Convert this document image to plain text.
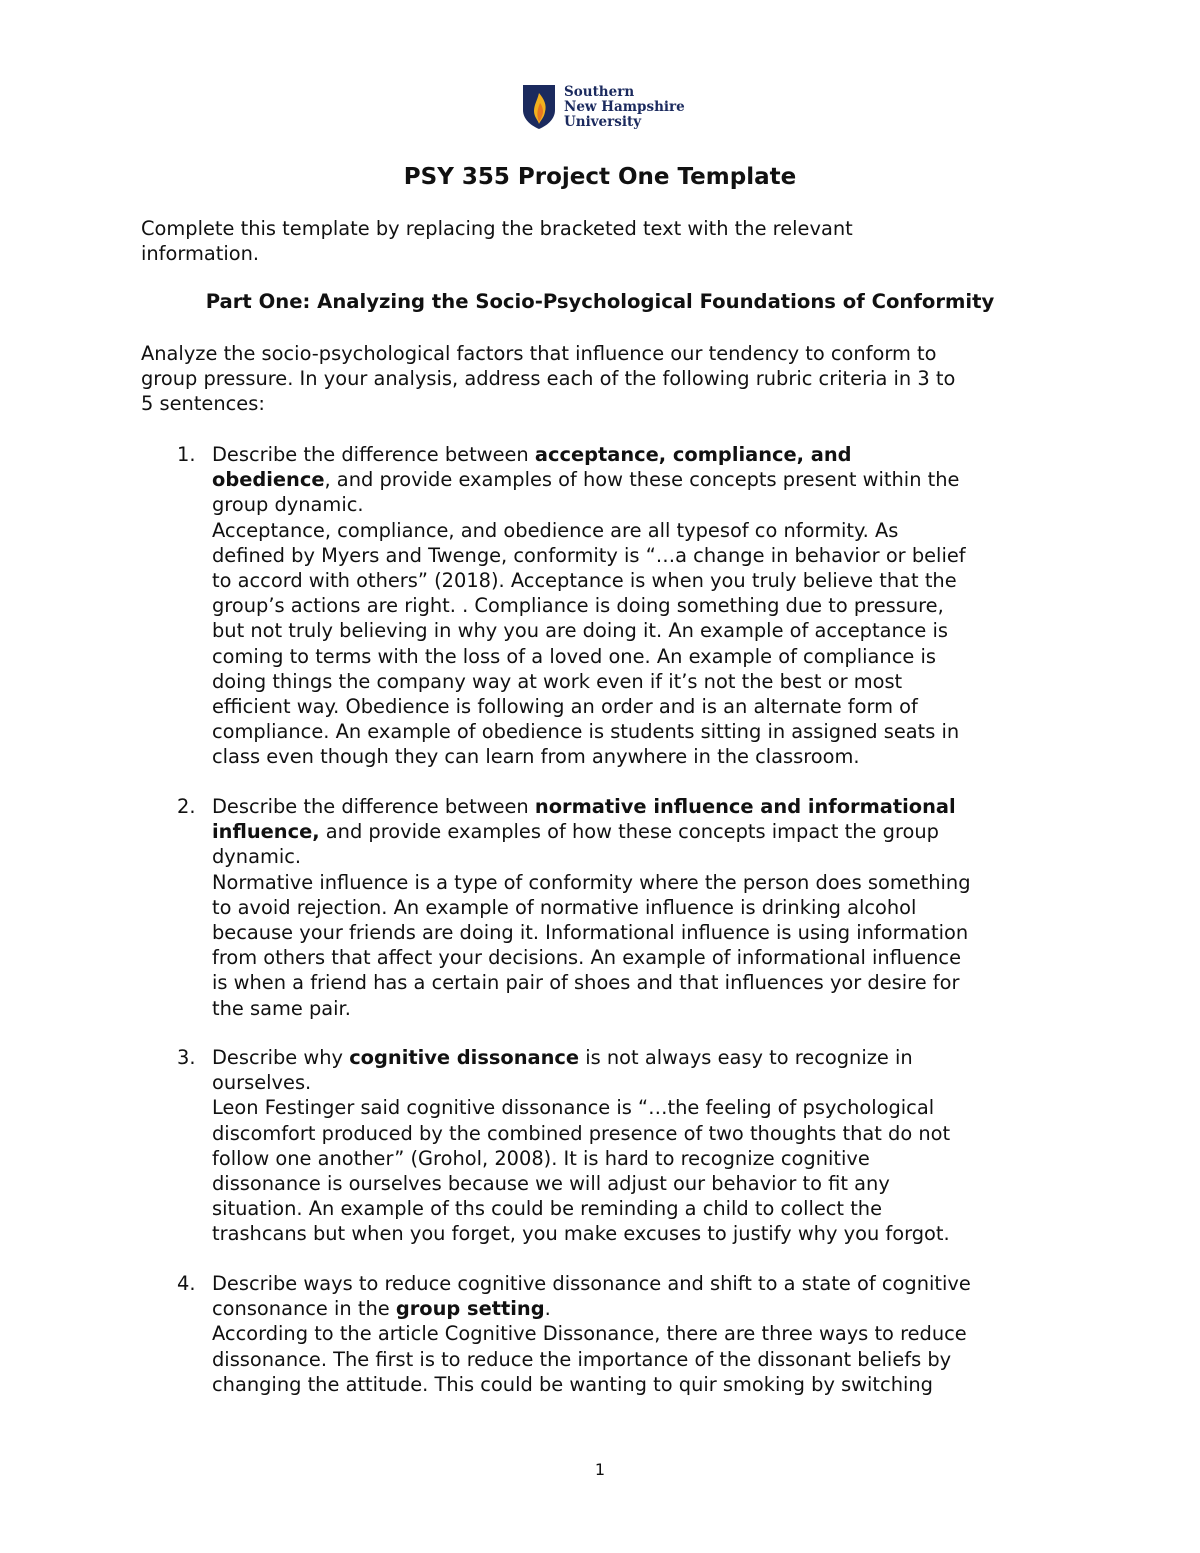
Southern
New Hampshire
University
PSY 355 Project One Template

Complete this template by replacing the bracketed text with the relevant
information.

Part One: Analyzing the Socio-Psychological Foundations of Conformity

Analyze the socio-psychological factors that influence our tendency to conform to
group pressure. In your analysis, address each of the following rubric criteria in 3 to
5 sentences:

1. Describe the difference between acceptance, compliance, and
obedience, and provide examples of how these concepts present within the
group dynamic.
Acceptance, compliance, and obedience are all typesof co nformity. As
defined by Myers and Twenge, conformity is “…a change in behavior or belief
to accord with others” (2018). Acceptance is when you truly believe that the
group’s actions are right. . Compliance is doing something due to pressure,
but not truly believing in why you are doing it. An example of acceptance is
coming to terms with the loss of a loved one. An example of compliance is
doing things the company way at work even if it’s not the best or most
efficient way. Obedience is following an order and is an alternate form of
compliance. An example of obedience is students sitting in assigned seats in
class even though they can learn from anywhere in the classroom.
2. Describe the difference between normative influence and informational
influence, and provide examples of how these concepts impact the group
dynamic.
Normative influence is a type of conformity where the person does something
to avoid rejection. An example of normative influence is drinking alcohol
because your friends are doing it. Informational influence is using information
from others that affect your decisions. An example of informational influence
is when a friend has a certain pair of shoes and that influences yor desire for
the same pair.
3. Describe why cognitive dissonance is not always easy to recognize in
ourselves.
Leon Festinger said cognitive dissonance is “…the feeling of psychological
discomfort produced by the combined presence of two thoughts that do not
follow one another” (Grohol, 2008). It is hard to recognize cognitive
dissonance is ourselves because we will adjust our behavior to fit any
situation. An example of ths could be reminding a child to collect the
trashcans but when you forget, you make excuses to justify why you forgot.
4. Describe ways to reduce cognitive dissonance and shift to a state of cognitive
consonance in the group setting.
According to the article Cognitive Dissonance, there are three ways to reduce
dissonance. The first is to reduce the importance of the dissonant beliefs by
changing the attitude. This could be wanting to quir smoking by switching
1
